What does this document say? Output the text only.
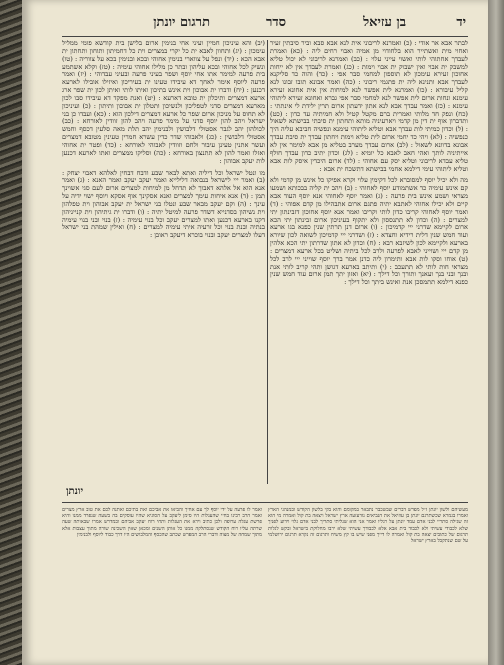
יד
בן עזיאל
סדר
תרגום יונתן
לבתר אבא אר אודי : (כ) ואמרנא לריבוני אית לנא אבא סבא וביר סיבתין זעיר ואחוי מית ואשתייר הוא בלחודוי מן אמיה ואבוי רחים ליה : (כא) ואמרת לעבדך אחתוהי לותי ואשוי עייני עלוי : (כב) ואמרנא לריבוני לא יכול טליא למשבק ית אבוי ואין ישבוק ית אבוי וימות : (כג) ואמרת לעבדך אין לא ייחות אחוכון זעירא עימכון לא תוספון למחמי סבר אפי : (כד) והוה כד סליקנא לעבדך אבא ותנינא ליה ית פתגמי ריבוני : (כה) ואמר אבונא תובו זבונו לנא קליל עיבורא : (כו) ואמרנא לית אפשר לנא למיחות אין אית אחונא זעירא עימנא ונחות ארום לית אפשר לנא למחמי סבר אפי גברא ואחונא זעירא ליתוהי עימנא : (כז) ואמר עבדך אבא לנא אתון ידעתון ארום תרין ילידת לי אינתתי : (כח) ונפק חד מלותי ואמרית ברם מקטל קטיל ולא חמיתיה עד כדון : (כט) ותדברון אוף ית דין מן קדמי ויארעיניה מותא ותחתון ית סיבתי בבישתא לשאול : (ל) וכדון כמיתי לות עבדך אבא וטליא ליתוהי עימנא ונפשיה חביבא עליה היך כנפשיה : (לא) ויהי כד יחמי ארום לית טליא וימות ויחתון עבדך ית סיבת עבדך אבונא בדוונא לשאול : (לב) ארום עבדך מערב בטליא מן אבא למימר אין לא אייתיניה לותך ואהי חאב לאבא כל יומיא : (לג) וכדון יתיב כדון עבדך חולף טליא עבדא לריבוני וטליא יסק עם אחוהי : (לד) ארום היכדין איסק לות אבא וטליא ליתוהי עימי דילמא אחמי בבישתא דתשכח ית אבא :
מה ולא יכיל יוסף למסוברא לכל דקימין עלוי וקרא אפיקו כל אינש מן קדמי ולא קם אינש עימיה כד אשתמודע יוסף לאחוהי : (ב) ויהב ית קליה בבכותא ושמעו מצראי ושמע אינש בית פרעה : (ג) ואמר יוסף לאחוהי אנא יוסף העוד אבא קיים ולא יכילו אחוהי לאתבא יתיה פתגם ארום אתבהילו מן קדם אפוהי : (ד) ואמר יוסף לאחוהי קריבו כדון לותי וקריבו ואמר אנא יוסף אחוכון דזבינתון יתי למצרים : (ה) וכדון לא תתנססון ולא יתקוף בעיניכון ארום זבינתון יתי הכא ארום לקיימא שדרני ייי קדמיכון : (ו) ארום דנן תרתין שנין כפנא בגו ארעא ועוד חמש שנין דלית רידיא וחצדא : (ז) ושדרני ייי קדמיכון לשואה לכון שיורא בארעא ולקיימא לכון לשיזבא רבא : (ח) וכדון לא אתון שדרתון יתי הכא אלהין מן קדם ייי ושוייני לאבא לפרעה ולרב לכל ביתיה ושליט בכל ארעא דמצרים : (ט) אוחו וסקו לות אבא ותימרון ליה כדנן אמר ברך יוסף שוייני ייי לרב לכל מצראי חות לותי לא תתעכב : (י) ותיתב בארעא דגושן ותהי קריב לותי אנת ובנך ובני בנך ועאנך ותורך וכל דילך : (יא) ואזון יתך תמן ארום עוד חמש שנין כפנא דילמא תתמסכן אנת ואינש ביתך וכל דילך :
(יב) והא עיניכון חמיין ועיני אחי בנימין ארום בלישן בית קודשא פומי ממליל עימכון : (יג) ותחוון לאבא ית כל יקרי במצרים וית כל דחמיתון ותוחון ותחתון ית אבא הכא : (יד) ונפל על צווארי בנימין אחוהי ובכא ובנימין בכא על צווריה : (טו) ונשיק לכל אחוהי ובכא עליהון ובתר כן מלילו אחוהי עימיה : (טז) וקלא אשתמע בית פרעה למימר אתו אחי יוסף ושפר בעיני פרעה ובעיני עבדוהי : (יז) ואמר פרעה ליוסף אימר לאחך דא עיבידו טעינו ית בעיריכון ואיזילו אובילו לארעא דכנען : (יח) ודברו ית אבוכון וית אינש בתיכון ואיתו לותי ואיתן לכון ית שפר ארג ארעא דמצרים ותיכלון ית טובא דארעא : (יט) ואנת מפקד דא עיבידו סבו לכון מארעא דמצרים סדני לטפליכון ולנשיכון ותטלון ית אבוכון ותיתון : (כ) ועיניכון לא תחוס על מניכון ארום שפר כל ארעא דמצרים דילכון הוא : (כא) ועבדו כן בני ישראל ויהב להון יוסף סדני על מימר פרעה ויהב להון זוודין לאורחא : (כב) לכולהון יהב לגבר אסטולי דלבושין ולבנימין יהב תלת מאה סלעין דכסף וחמש אסטולי דלבושין : (כג) ולאבוהי שדר כדין עשרא חמרין טעינין מטובא דמצרים ועשר אתנין טעינן עיבור ולחם וזוודין לאבוהי לאורחא : (כד) ופטר ית אחוהי ואזלו ואמר להון לא תתנצון באורחא : (כה) וסליקו ממצרים ואתו לארעא דכנען לות יעקב אבוהון :
מו ונטל ישראל וכל דיליה ואתא לבאר שבע ודבח דבחין לאלהא דאבוי יצחק : (ב) ואמר ייי לישראל בנבואה דלילייא ואמר יעקב יעקב ואמר האנא : (ג) ואמר אנא הוא אל אלהא דאבוך לא תדחל מן למיחות למצרים ארום לעם סגי אשוינך תמן : (ד) אנא איחות עימך למצרים ואנא אסקינך אוף אסקא ויוסף ישוי ידיה על עינך : (ה) וקם יעקב מבאר שבע ונטלו בני ישראל ית יעקב אבוהון וית טפלהון וית נשיהון בסדנייא דשדר פרעה למיטל יתיה : (ו) ודברו ית גיתיהון וית קנייניהון דקנו בארעא דכנען ואתו למצרים יעקב וכל בנוי עימיה : (ז) בנוי ובני בנוי עימיה בנתיה ובנת בנוי וכל זרעיה איתי עימיה למצרים : (ח) ואילין שמהת בני ישראל דעלו למצרים יעקב ובנוי בוכרא דיעקב ראובן :
יונתן
מעשיהם ולשון יונתן ז״ל מפרש דברים שבשכבר נתבאר במקומם והוא בקי בלשון הקודש ובמנהגי הארץ ואמרו בגמרא שכשתרגם יונתן בן עוזיאל את הנביאים נזדעזעה ארץ ישראל ויצאה בת קול ואמרה מי הוא זה שגילה סתריי לבני אדם עמד יונתן על רגליו ואמר אני הוא שגליתי סתריך לבני אדם גלוי וידוע לפניך שלא לכבודי עשיתי ולא לכבוד בית אבא אלא לכבודך עשיתי שלא ירבו מחלוקת בישראל ובקש לגלות תרגום של כתובים יצאה בת קול ואמרה לו דייך מפני שיש בו קץ משיח ותרגום זה נקרא תרגום ירושלמי על שם שנתקבל בארץ ישראל
ואמר לו פרעה על ידי יוסף לך עם אחיך והביאו את אביכם ואת בתיכם ואתנה לכם את טוב ארץ מצרים ואמר הרב רבינו בחיי שהעגלות היו סימן ליעקב על הסוגיא שהיו עוסקים בה בשעה שנפרד ממנו והיא פרשת עגלה ערופה ולכן כתיב וירא את העגלות ותחי רוח יעקב אביהם ובמדרש אמרו שבאותה שעה שרתה עליו רוח הקודש שנסתלקה ממנו כל אותן השנים ומכאן שאין השכינה שורה מתוך עצבות אלא מתוך שמחה של מצוה ודברי הרב המפרש שכתב שהכסף והמלבושים היו דרך כבוד ליוסף ולבנימין
